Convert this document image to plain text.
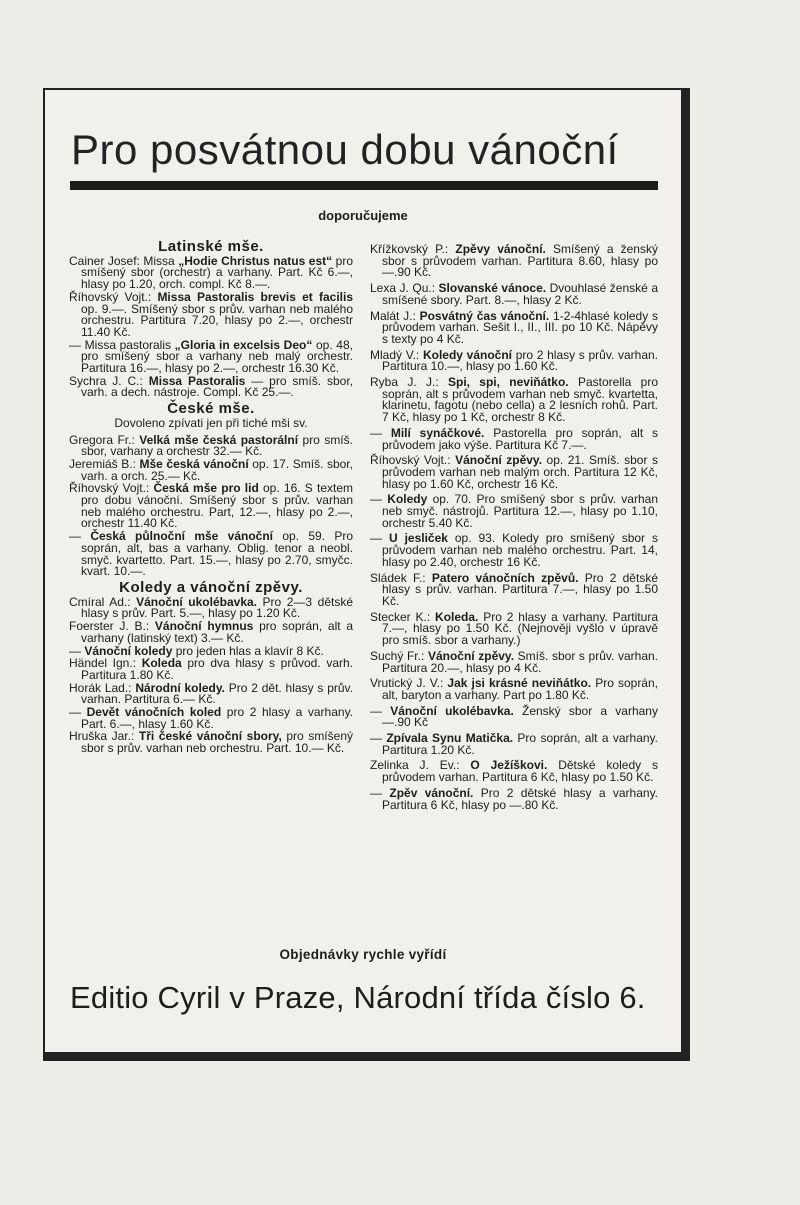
Pro posvátnou dobu vánoční
doporučujeme
Latinské mše.
Cainer Josef: Missa „Hodie Christus natus est“ pro smíšený sbor (orchestr) a varhany. Part. Kč 6.—, hlasy po 1.20, orch. compl. Kč 8.—.
Říhovský Vojt.: Missa Pastoralis brevis et facilis op. 9.—. Smíšený sbor s prův. varhan neb malého orchestru. Partitura 7.20, hlasy po 2.—, orchestr 11.40 Kč.
— Missa pastoralis „Gloria in excelsis Deo“ op. 48, pro smíšený sbor a varhany neb malý orchestr. Partitura 16.—, hlasy po 2.—, orchestr 16.30 Kč.
Sychra J. C.: Missa Pastoralis — pro smíš. sbor, varh. a dech. nástroje. Compl. Kč 25.—.
České mše.
Dovoleno zpívati jen při tiché mši sv.
Gregora Fr.: Velká mše česká pastorální pro smíš. sbor, varhany a orchestr 32.— Kč.
Jeremiáš B.: Mše česká vánoční op. 17. Smíš. sbor, varh. a orch. 25.— Kč.
Říhovský Vojt.: Česká mše pro lid op. 16. S textem pro dobu vánoční. Smíšený sbor s prův. varhan neb malého orchestru. Part, 12.—, hlasy po 2.—, orchestr 11.40 Kč.
— Česká půlnoční mše vánoční op. 59. Pro soprán, alt, bas a varhany. Oblig. tenor a neobl. smyč. kvartetto. Part. 15.—, hlasy po 2.70, smyčc. kvart. 10.—.
Koledy a vánoční zpěvy.
Cmíral Ad.: Vánoční ukolébavka. Pro 2—3 dětské hlasy s prův. Part. 5.—, hlasy po 1.20 Kč.
Foerster J. B.: Vánoční hymnus pro soprán, alt a varhany (latinský text) 3.— Kč.
— Vánoční koledy pro jeden hlas a klavír 8 Kč.
Händel Ign.: Koleda pro dva hlasy s průvod. varh. Partitura 1.80 Kč.
Horák Lad.: Národní koledy. Pro 2 dět. hlasy s prův. varhan. Partitura 6.— Kč.
— Devět vánočních koled pro 2 hlasy a varhany. Part. 6.—, hlasy 1.60 Kč.
Hruška Jar.: Tři české vánoční sbory, pro smíšený sbor s prův. varhan neb orchestru. Part. 10.— Kč.
Křížkovský P.: Zpěvy vánoční. Smíšený a ženský sbor s průvodem varhan. Partitura 8.60, hlasy po —.90 Kč.
Lexa J. Qu.: Slovanské vánoce. Dvouhlasé ženské a smíšené sbory. Part. 8.—, hlasy 2 Kč.
Malát J.: Posvátný čas vánoční. 1-2-4hlasé koledy s průvodem varhan. Sešit I., II., III. po 10 Kč. Nápěvy s texty po 4 Kč.
Mladý V.: Koledy vánoční pro 2 hlasy s prův. varhan. Partitura 10.—, hlasy po 1.60 Kč.
Ryba J. J.: Spi, spi, neviňátko. Pastorella pro soprán, alt s průvodem varhan neb smyč. kvartetta, klarinetu, fagotu (nebo cella) a 2 lesních rohů. Part. 7 Kč, hlasy po 1 Kč, orchestr 8 Kč.
— Milí synáčkové. Pastorella pro soprán, alt s průvodem jako výše. Partitura Kč 7.—.
Říhovský Vojt.: Vánoční zpěvy. op. 21. Smíš. sbor s průvodem varhan neb malým orch. Partitura 12 Kč, hlasy po 1.60 Kč, orchestr 16 Kč.
— Koledy op. 70. Pro smíšený sbor s prův. varhan neb smyč. nástrojů. Partitura 12.—, hlasy po 1.10, orchestr 5.40 Kč.
— U jesliček op. 93. Koledy pro smíšený sbor s průvodem varhan neb malého orchestru. Part. 14, hlasy po 2.40, orchestr 16 Kč.
Sládek F.: Patero vánočních zpěvů. Pro 2 dětské hlasy s prův. varhan. Partitura 7.—, hlasy po 1.50 Kč.
Stecker K.: Koleda. Pro 2 hlasy a varhany. Partitura 7.—, hlasy po 1.50 Kč. (Nejnověji vyšlo v úpravě pro smíš. sbor a varhany.)
Suchý Fr.: Vánoční zpěvy. Smíš. sbor s prův. varhan. Partitura 20.—, hlasy po 4 Kč.
Vrutický J. V.: Jak jsi krásné neviňátko. Pro soprán, alt, baryton a varhany. Part po 1.80 Kč.
— Vánoční ukolébavka. Ženský sbor a varhany —.90 Kč
— Zpívala Synu Matička. Pro soprán, alt a varhany. Partitura 1.20 Kč.
Zelinka J. Ev.: O Ježíškovi. Dětské koledy s průvodem varhan. Partitura 6 Kč, hlasy po 1.50 Kč.
— Zpěv vánoční. Pro 2 dětské hlasy a varhany. Partitura 6 Kč, hlasy po —.80 Kč.
Objednávky rychle vyřídí
Editio Cyril v Praze, Národní třída číslo 6.
